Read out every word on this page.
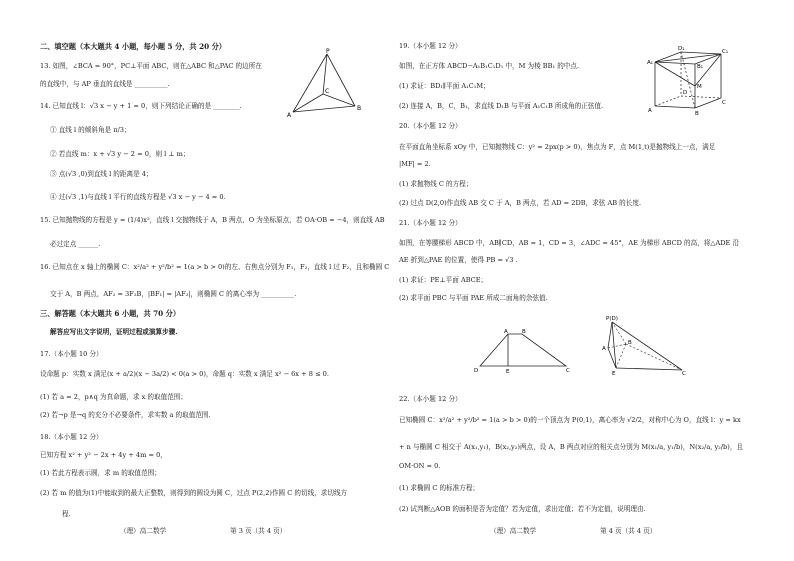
二、填空题（本大题共 4 小题，每小题 5 分，共 20 分）
13. 如图，∠BCA = 90°，PC⊥平面 ABC，则在△ABC 和△PAC 的边所在
的直线中，与 AP 垂直的直线是 __________.
14. 已知直线 l：√3 x − y + 1 = 0，则下列结论正确的是 ________.
① 直线 l 的倾斜角是 π/3；
② 若直线 m：x + √3 y − 2 = 0，则 l ⊥ m；
③ 点(√3 ,0)到直线 l 的距离是 4；
④ 过(√3 ,1)与直线 l 平行的直线方程是 √3 x − y − 4 = 0.
15. 已知抛物线的方程是 y = (1/4)x²，直线 l 交抛物线于 A，B 两点，O 为坐标原点，若 OA·OB = −4，则直线 AB
必过定点 ______.
16. 已知点在 x 轴上的椭圆 C：x²/a² + y²/b² = 1(a > b > 0)的左、右焦点分别为 F₁，F₂，直线 l 过 F₂，且和椭圆 C
交于 A，B 两点，AF₂ = 3F₂B，|BF₁| = |AF₂|，则椭圆 C 的离心率为 __________.
三、解答题（本大题共 6 小题，共 70 分）
解答应写出文字说明，证明过程或演算步骤.
17.（本小题 10 分）
设命题 p：实数 x 满足(x + a/2)(x − 3a/2) < 0(a > 0)，命题 q：实数 x 满足 x² − 6x + 8 ≤ 0.
(1) 若 a = 2，p∧q 为真命题，求 x 的取值范围；
(2) 若¬p 是¬q 的充分不必要条件，求实数 a 的取值范围.
18.（本小题 12 分）
已知方程 x² + y² − 2x + 4y + 4m = 0，
(1) 若此方程表示圆，求 m 的取值范围；
(2) 若 m 的值为(1)中能取到的最大正整数，则得到的圆设为圆 C，过点 P(2,2)作圆 C 的切线，求切线方
程.
（理）高二数学	第 3 页（共 4 页）
P
A
C
B
19.（本小题 12 分）
如图，在正方体 ABCD−A₁B₁C₁D₁ 中，M 为棱 BB₁ 的中点.
(1) 求证：BD₁∥平面 A₁C₁M；
(2) 连接 A，B，C，B₁，求直线 D₁B 与平面 A₁C₁B 所成角的正弦值.
20.（本小题 12 分）
在平面直角坐标系 xOy 中，已知抛物线 C：y² = 2px(p > 0)，焦点为 F，点 M(1,t)是抛物线上一点，满足
|MF| = 2.
(1) 求抛物线 C 的方程；
(2) 过点 D(2,0)作直线 AB 交 C 于 A，B 两点，若 AD = 2DB，求弦 AB 的长度.
21.（本小题 12 分）
如图，在等腰梯形 ABCD 中，AB∥CD，AB = 1，CD = 3，∠ADC = 45°，AE 为梯形 ABCD 的高，将△ADE 沿
AE 折到△PAE 的位置，使得 PB = √3 .
(1) 求证：PE⊥平面 ABCE；
(2) 求平面 PBC 与平面 PAE 所成二面角的余弦值.
22.（本小题 12 分）
已知椭圆 C：x²/a² + y²/b² = 1(a > b > 0)的一个顶点为 P(0,1)，离心率为 √2/2，对称中心为 O，直线 l：y = kx
+ n 与椭圆 C 相交于 A(x₁,y₁)，B(x₂,y₂)两点，设 A，B 两点对应的相关点分别为 M(x₁/a, y₁/b)，N(x₂/a, y₂/b)，且
OM·ON = 0.
(1) 求椭圆 C 的标准方程；
(2) 试判断△AOB 的面积是否为定值？若为定值，求出定值；若不为定值，说明理由.
（理）高二数学	第 4 页（共 4 页）
D₁
A₁
C₁
B₁
D
A	B
C
M
A	B
D	E	C
P(D)
A
B
E	C
